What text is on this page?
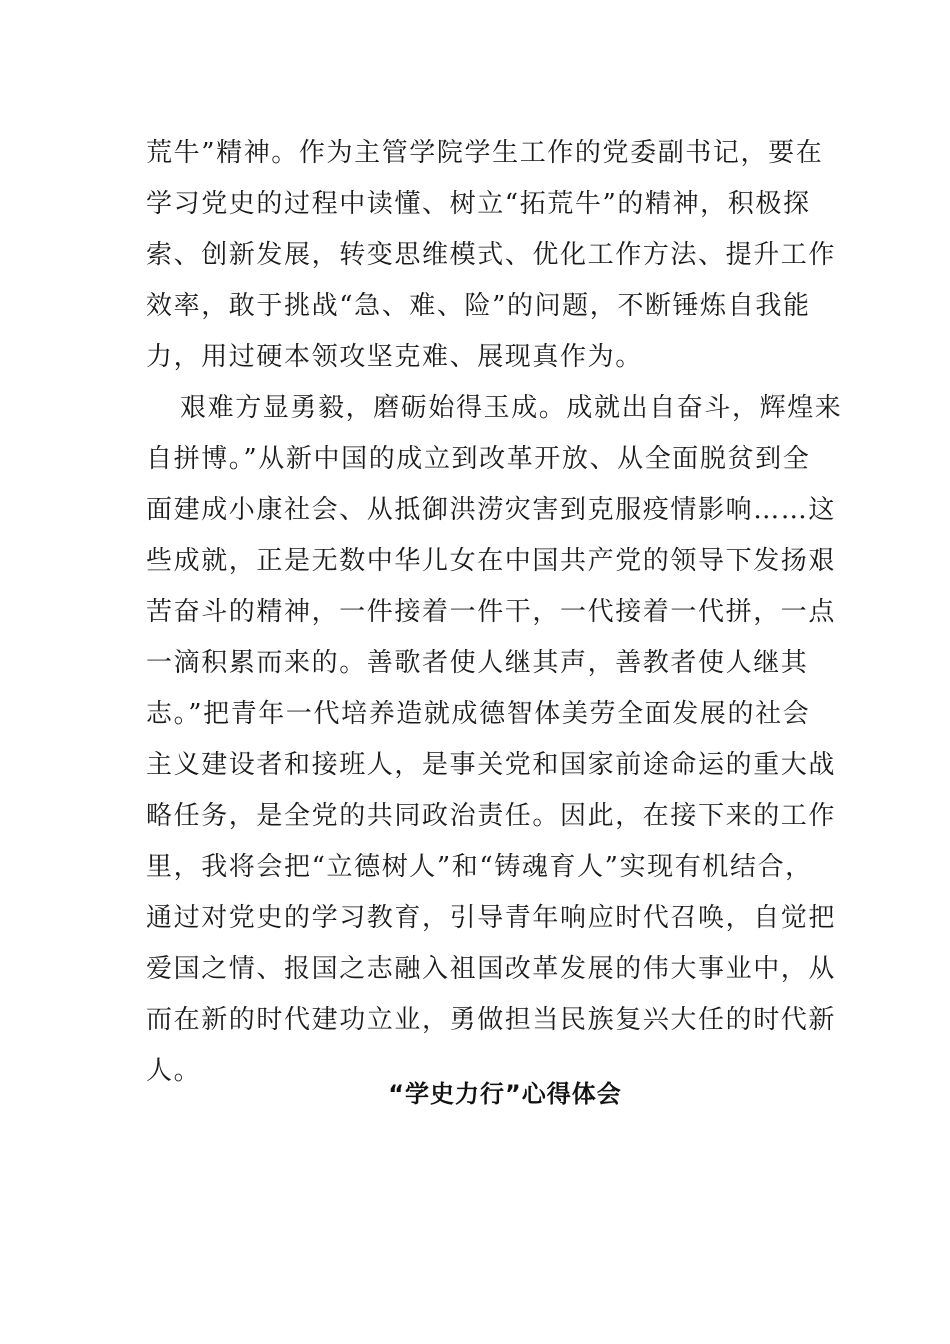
荒牛”精神。作为主管学院学生工作的党委副书记，要在
学习党史的过程中读懂、树立“拓荒牛”的精神，积极探
索、创新发展，转变思维模式、优化工作方法、提升工作
效率，敢于挑战“急、难、险”的问题，不断锤炼自我能
力，用过硬本领攻坚克难、展现真作为。
艰难方显勇毅，磨砺始得玉成。成就出自奋斗，辉煌来
自拼博。”从新中国的成立到改革开放、从全面脱贫到全
面建成小康社会、从抵御洪涝灾害到克服疫情影响……这
些成就，正是无数中华儿女在中国共产党的领导下发扬艰
苦奋斗的精神，一件接着一件干，一代接着一代拼，一点
一滴积累而来的。善歌者使人继其声，善教者使人继其
志。”把青年一代培养造就成德智体美劳全面发展的社会
主义建设者和接班人，是事关党和国家前途命运的重大战
略任务，是全党的共同政治责任。因此，在接下来的工作
里，我将会把“立德树人”和“铸魂育人”实现有机结合，
通过对党史的学习教育，引导青年响应时代召唤，自觉把
爱国之情、报国之志融入祖国改革发展的伟大事业中，从
而在新的时代建功立业，勇做担当民族复兴大任的时代新
人。
“学史力行”心得体会
